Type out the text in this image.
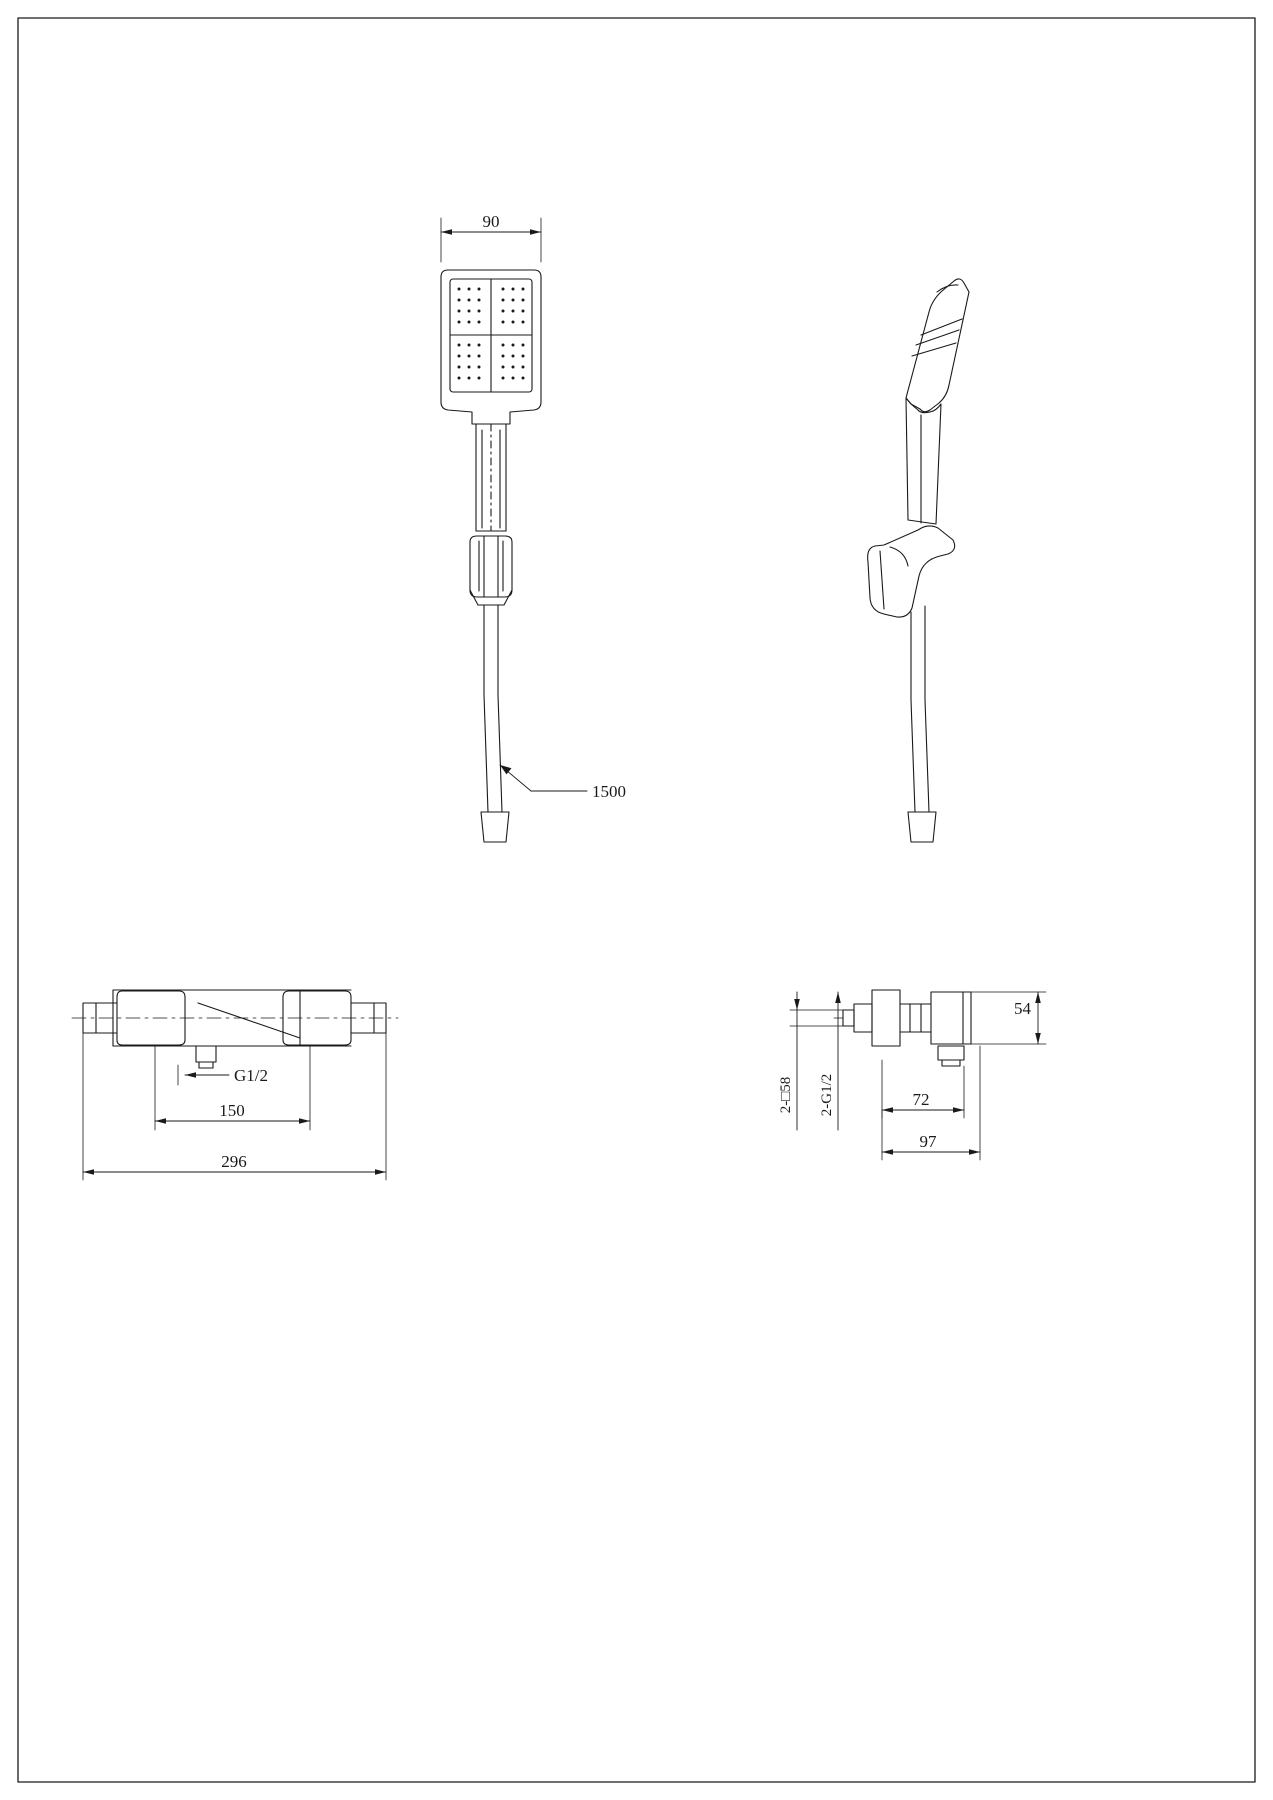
90
1500
G1/2
150
296
54
2-□58 2-G1/2	72
97
